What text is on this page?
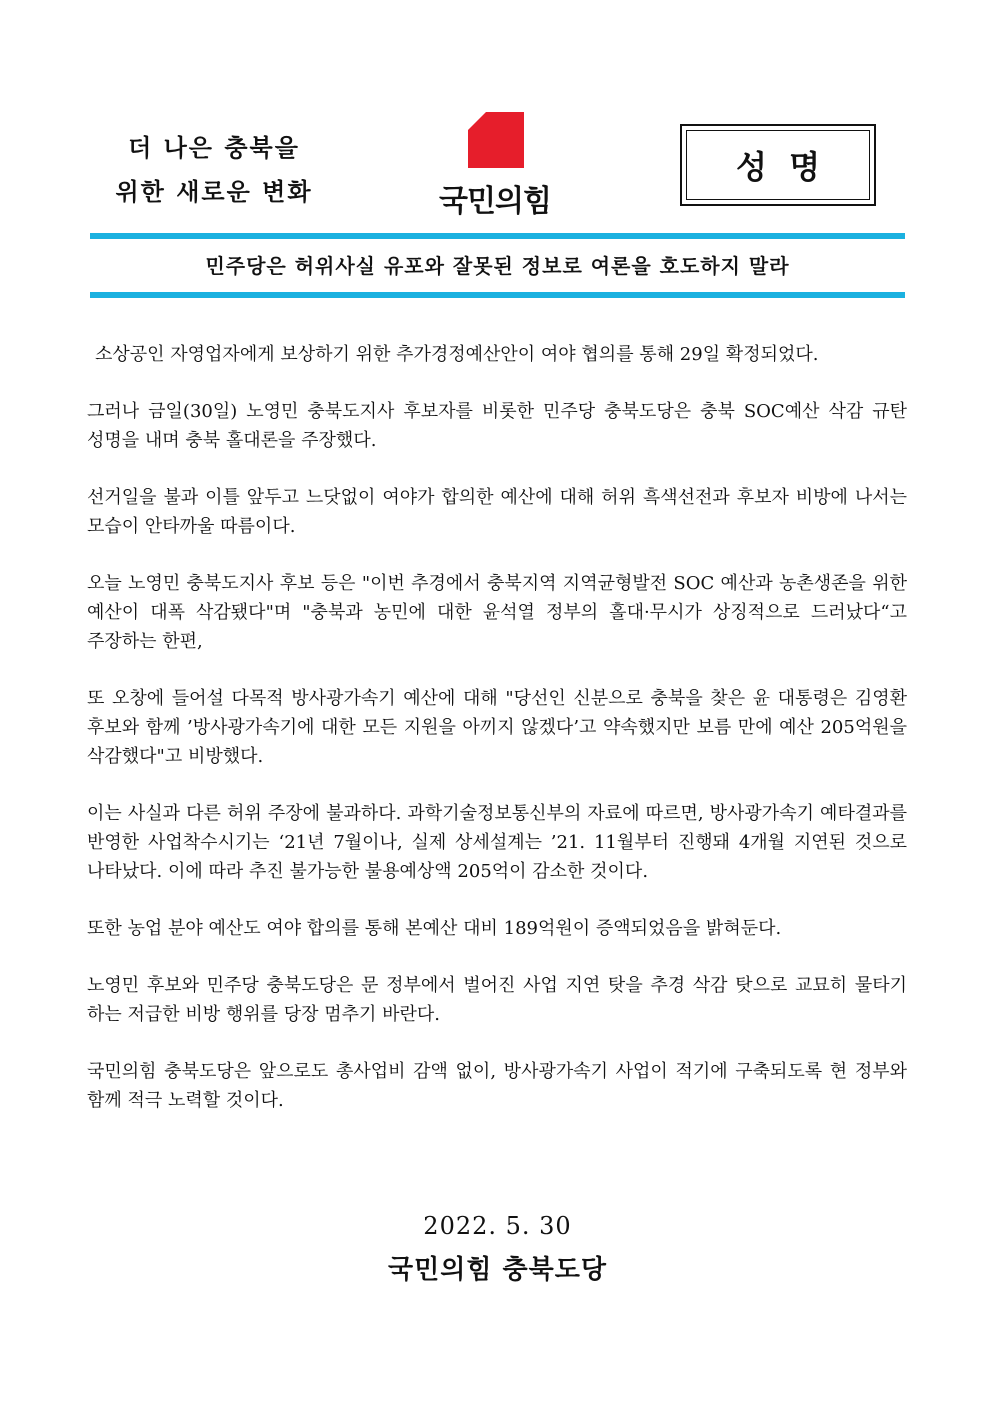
더 나은 충북을
위한 새로운 변화	국민의힘
성  명
민주당은 허위사실 유포와 잘못된 정보로 여론을 호도하지 말라

소상공인 자영업자에게 보상하기 위한 추가경정예산안이 여야 협의를 통해 29일 확정되었다.

그러나 금일(30일) 노영민 충북도지사 후보자를 비롯한 민주당 충북도당은 충북 SOC예산 삭감 규탄 성명을 내며 충북 홀대론을 주장했다.

선거일을 불과 이틀 앞두고 느닷없이 여야가 합의한 예산에 대해 허위 흑색선전과 후보자 비방에 나서는 모습이 안타까울 따름이다.

오늘 노영민 충북도지사 후보 등은 "이번 추경에서 충북지역 지역균형발전 SOC 예산과 농촌생존을 위한 예산이 대폭 삭감됐다"며 "충북과 농민에 대한 윤석열 정부의 홀대·무시가 상징적으로 드러났다“고 주장하는 한편,

또 오창에 들어설 다목적 방사광가속기 예산에 대해 "당선인 신분으로 충북을 찾은 윤 대통령은 김영환 후보와 함께 ’방사광가속기에 대한 모든 지원을 아끼지 않겠다’고 약속했지만 보름 만에 예산 205억원을 삭감했다"고 비방했다.

이는 사실과 다른 허위 주장에 불과하다. 과학기술정보통신부의 자료에 따르면, 방사광가속기 예타결과를 반영한 사업착수시기는 ‘21년 7월이나, 실제 상세설계는 ’21. 11월부터 진행돼 4개월 지연된 것으로 나타났다. 이에 따라 추진 불가능한 불용예상액 205억이 감소한 것이다.

또한 농업 분야 예산도 여야 합의를 통해 본예산 대비 189억원이 증액되었음을 밝혀둔다.

노영민 후보와 민주당 충북도당은 문 정부에서 벌어진 사업 지연 탓을 추경 삭감 탓으로 교묘히 물타기 하는 저급한 비방 행위를 당장 멈추기 바란다.

국민의힘 충북도당은 앞으로도 총사업비 감액 없이, 방사광가속기 사업이 적기에 구축되도록 현 정부와 함께 적극 노력할 것이다.

2022. 5. 30
국민의힘 충북도당
